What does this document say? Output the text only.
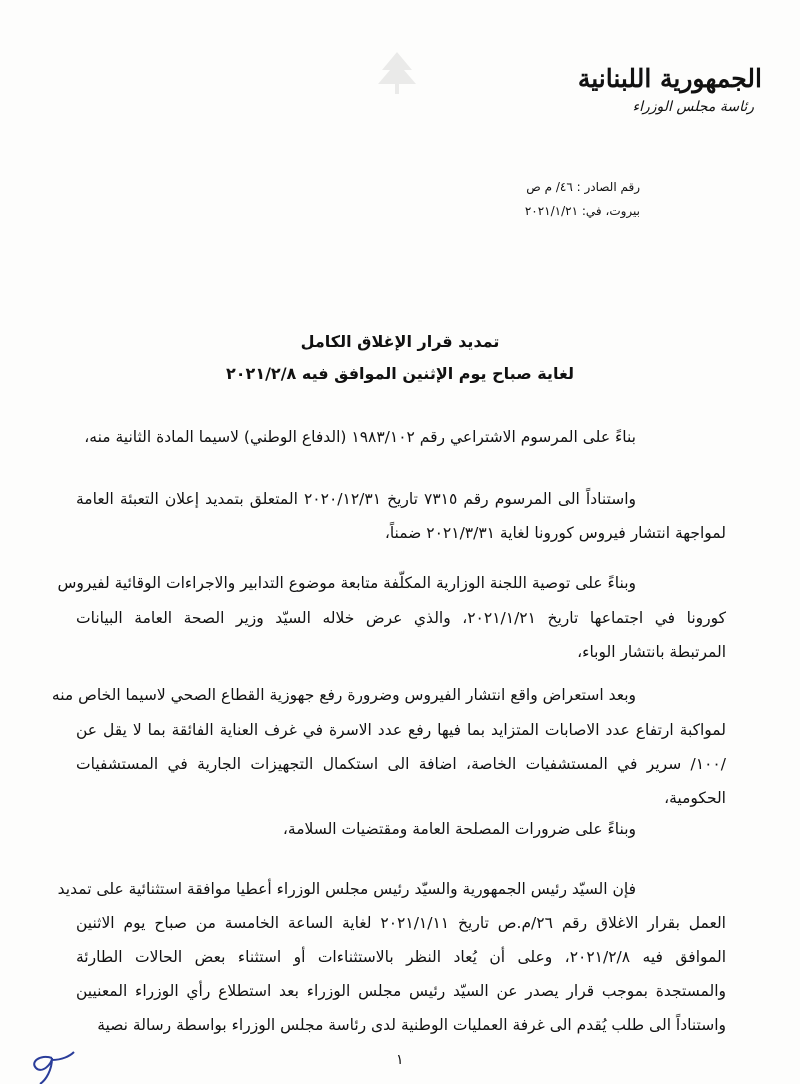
الجمهورية اللبنانية
رئاسة مجلس الوزراء
رقم الصادر : ٤٦/ م ص
بيروت، في: ٢٠٢١/١/٢١
تمديد قرار الإغلاق الكامل
لغاية صباح يوم الإثنين الموافق فيه ٢٠٢١/٢/٨
بناءً على المرسوم الاشتراعي رقم ١٩٨٣/١٠٢ (الدفاع الوطني) لاسيما المادة الثانية منه،
واستناداً الى المرسوم رقم ٧٣١٥ تاريخ ٢٠٢٠/١٢/٣١ المتعلق بتمديد إعلان التعبئة العامة
لمواجهة انتشار فيروس كورونا لغاية ٢٠٢١/٣/٣١ ضمناً،
وبناءً على توصية اللجنة الوزارية المكلّفة متابعة موضوع التدابير والاجراءات الوقائية لفيروس
كورونا في اجتماعها تاريخ ٢٠٢١/١/٢١، والذي عرض خلاله السيّد وزير الصحة العامة البيانات
المرتبطة بانتشار الوباء،
وبعد استعراض واقع انتشار الفيروس وضرورة رفع جهوزية القطاع الصحي لاسيما الخاص منه
لمواكبة ارتفاع عدد الاصابات المتزايد بما فيها رفع عدد الاسرة في غرف العناية الفائقة بما لا يقل عن
/١٠٠/ سرير في المستشفيات الخاصة، اضافة الى استكمال التجهيزات الجارية في المستشفيات
الحكومية،
وبناءً على ضرورات المصلحة العامة ومقتضيات السلامة،
فإن السيّد رئيس الجمهورية والسيّد رئيس مجلس الوزراء أعطيا موافقة استثنائية على تمديد
العمل بقرار الاغلاق رقم ٢٦/م.ص تاريخ ٢٠٢١/١/١١ لغاية الساعة الخامسة من صباح يوم الاثنين
الموافق فيه ٢٠٢١/٢/٨، وعلى أن يُعاد النظر بالاستثناءات أو استثناء بعض الحالات الطارئة
والمستجدة بموجب قرار يصدر عن السيّد رئيس مجلس الوزراء بعد استطلاع رأي الوزراء المعنيين
واستناداً الى طلب يُقدم الى غرفة العمليات الوطنية لدى رئاسة مجلس الوزراء بواسطة رسالة نصية
١
